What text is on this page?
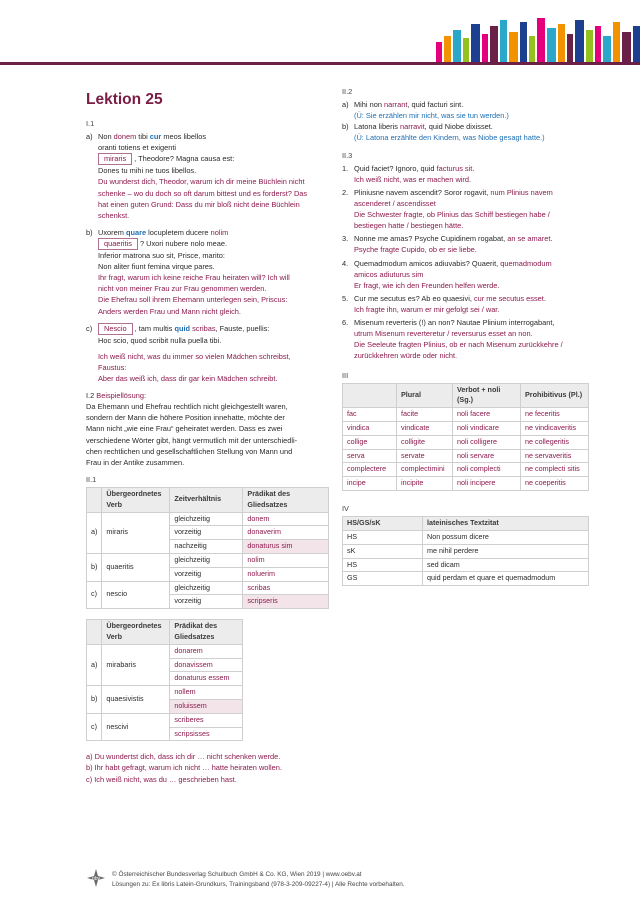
Lektion 25
I.1
a) Non donem tibi cur meos libellos
oranti totiens et exigenti
miraris , Theodore? Magna causa est:
Dones tu mihi ne tuos libellos.
Du wunderst dich, Theodor, warum ich dir meine Büchlein nicht
schenke – wo du doch so oft darum bittest und es forderst? Das
hat einen guten Grund: Dass du mir bloß nicht deine Büchlein
schenkst.
b) Uxorem quare locupletem ducere nolim
quaeritis ? Uxori nubere nolo meae.
Inferior matrona suo sit, Prisce, marito:
Non aliter fiunt femina virque pares.
Ihr fragt, warum ich keine reiche Frau heiraten will? Ich will
nicht von meiner Frau zur Frau genommen werden.
Die Ehefrau soll ihrem Ehemann unterlegen sein, Priscus:
Anders werden Frau und Mann nicht gleich.
c)	Nescio , tam multis quid scribas, Fauste, puellis:
Hoc scio, quod scribit nulla puella tibi.
Ich weiß nicht, was du immer so vielen Mädchen schreibst,
Faustus:
Aber das weiß ich, dass dir gar kein Mädchen schreibt.
I.2 Beispiellösung:
Da Ehemann und Ehefrau rechtlich nicht gleichgestellt waren,
sondern der Mann die höhere Position innehatte, möchte der
Mann nicht „wie eine Frau“ geheiratet werden. Dass es zwei
verschiedene Wörter gibt, hängt vermutlich mit der unterschiedli-
chen rechtlichen und gesellschaftlichen Stellung von Mann und
Frau in der Antike zusammen.
II.1
	Übergeordnetes Verb	Zeitverhältnis	Prädikat des Gliedsatzes
a)	miraris	gleichzeitig	donem
		vorzeitig	donaverim
		nachzeitig	donaturus sim
b)	quaeritis	gleichzeitig	nolim
		vorzeitig	noluerim
c)	nescio	gleichzeitig	scribas
		vorzeitig	scripseris
	Übergeordnetes Verb	Prädikat des Gliedsatzes
a)	mirabaris	donarem
		donavissem
		donaturus essem
b)	quaesivistis	nollem
		noluissem
c)	nescivi	scriberes
		scripsisses
a) Du wundertst dich, dass ich dir … nicht schenken werde.
b) Ihr habt gefragt, warum ich nicht … hatte heiraten wollen.
c) Ich weiß nicht, was du … geschrieben hast.
II.2
a) Mihi non narrant, quid facturi sint.
(Ü: Sie erzählen mir nicht, was sie tun werden.)
b) Latona liberis narravit, quid Niobe dixisset.
(Ü: Latona erzählte den Kindern, was Niobe gesagt hatte.)
II.3
1. Quid faciet? Ignoro, quid facturus sit.
Ich weiß nicht, was er machen wird.
2. Pliniusne navem ascendit? Soror rogavit, num Plinius navem
ascenderet / ascendisset
Die Schwester fragte, ob Plinius das Schiff bestiegen habe /
bestiegen hatte / bestiegen hätte.
3. Nonne me amas? Psyche Cupidinem rogabat, an se amaret.
Psyche fragte Cupido, ob er sie liebe.
4. Quemadmodum amicos adiuvabis? Quaerit, quemadmodum
amicos adiuturus sim
Er fragt, wie ich den Freunden helfen werde.
5. Cur me secutus es? Ab eo quaesivi, cur me secutus esset.
Ich fragte ihn, warum er mir gefolgt sei / war.
6. Misenum reverteris (!) an non? Nautae Plinium interrogabant,
utrum Misenum reverteretur / reversurus esset an non.
Die Seeleute fragten Plinius, ob er nach Misenum zurückkehre /
zurückkehren würde oder nicht.
III
	Plural	Verbot + noli (Sg.)	Prohibitivus (Pl.)
fac	facite	noli facere	ne feceritis
vindica	vindicate	noli vindicare	ne vindicaveritis
collige	colligite	noli colligere	ne collegeritis
serva	servate	noli servare	ne servaveritis
complectere	complectimini	noli complecti	ne complecti sitis
incipe	incipite	noli incipere	ne coeperitis
IV
HS/GS/sK	lateinisches Textzitat
HS	Non possum dicere
sK	me nihil perdere
HS	sed dicam
GS	quid perdam et quare et quemadmodum
öbv
© Österreichischer Bundesverlag Schulbuch GmbH & Co. KG, Wien 2019 | www.oebv.at
Lösungen zu: Ex libris Latein-Grundkurs, Trainingsband (978-3-209-09227-4) | Alle Rechte vorbehalten.
